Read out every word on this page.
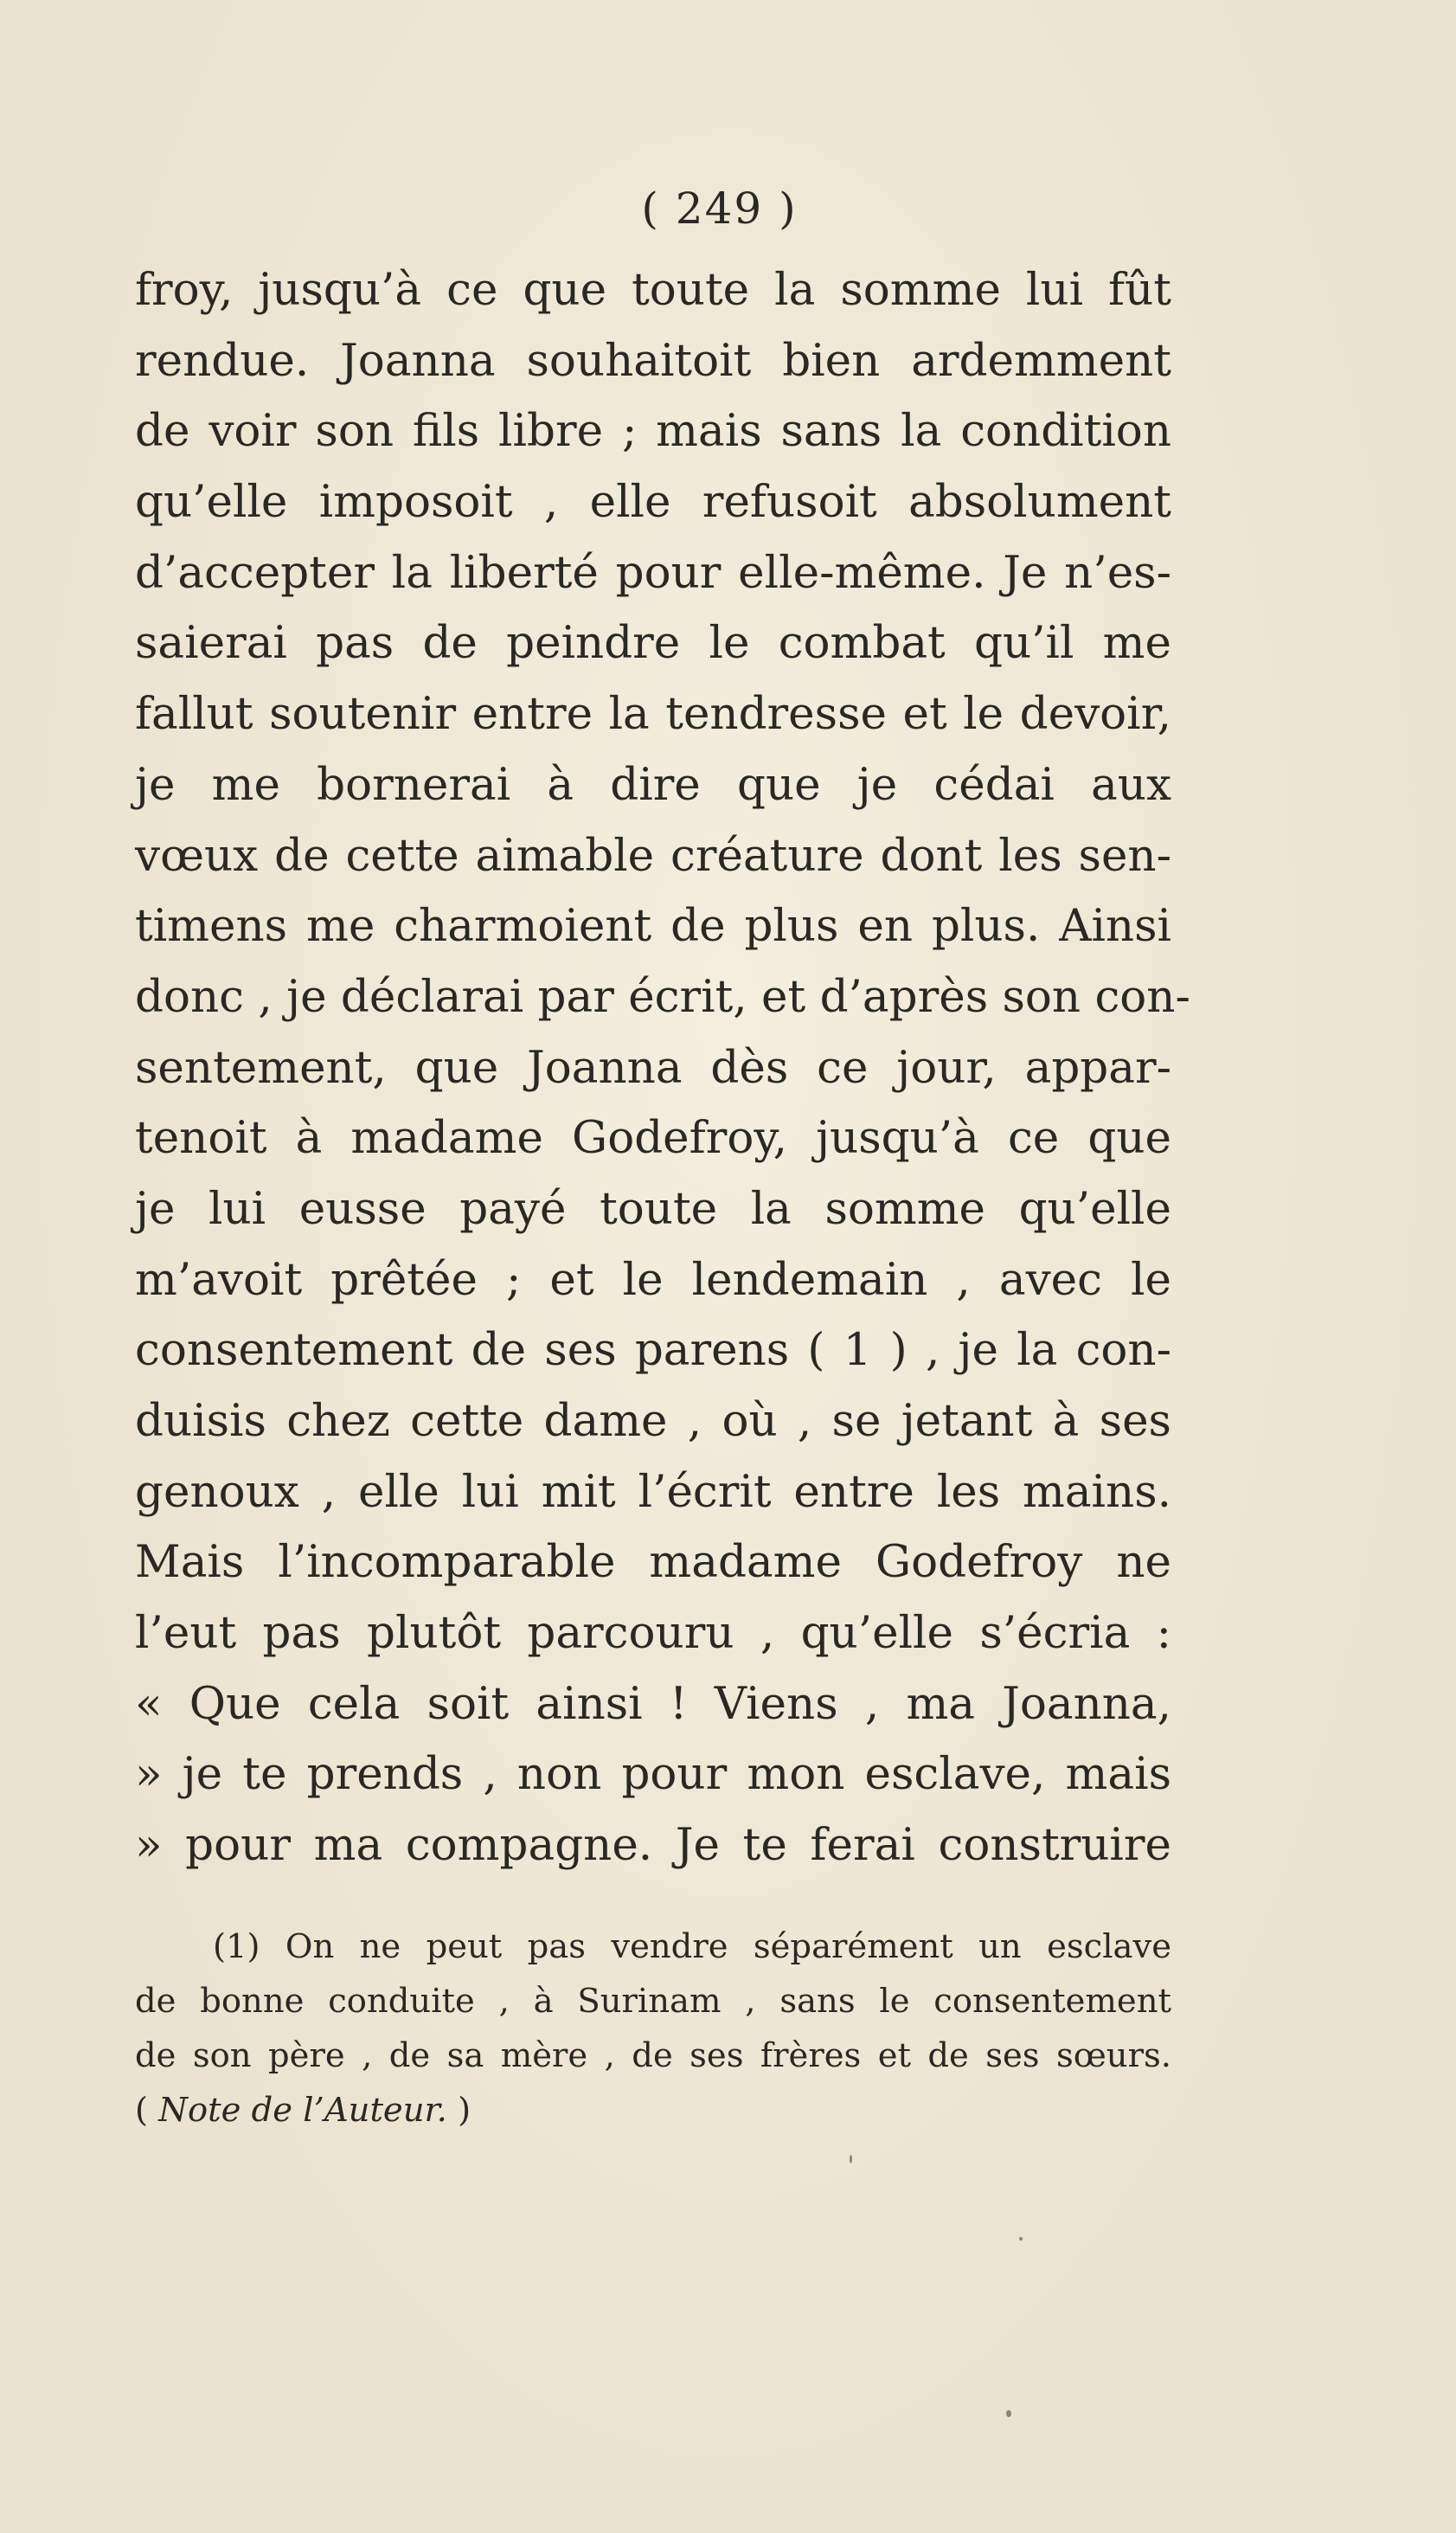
( 249 )
froy, jusqu’à ce que toute la somme lui fût
rendue. Joanna souhaitoit bien ardemment
de voir son fils libre ; mais sans la condition
qu’elle imposoit , elle refusoit absolument
d’accepter la liberté pour elle-même. Je n’es-
saierai pas de peindre le combat qu’il me
fallut soutenir entre la tendresse et le devoir,
je me bornerai à dire que je cédai aux
vœux de cette aimable créature dont les sen-
timens me charmoient de plus en plus. Ainsi
donc , je déclarai par écrit, et d’après son con-
sentement, que Joanna dès ce jour, appar-
tenoit à madame Godefroy, jusqu’à ce que
je lui eusse payé toute la somme qu’elle
m’avoit prêtée ; et le lendemain , avec le
consentement de ses parens ( 1 ) , je la con-
duisis chez cette dame , où , se jetant à ses
genoux , elle lui mit l’écrit entre les mains.
Mais l’incomparable madame Godefroy ne
l’eut pas plutôt parcouru , qu’elle s’écria :
« Que cela soit ainsi ! Viens , ma Joanna,
» je te prends , non pour mon esclave, mais
» pour ma compagne. Je te ferai construire
(1) On ne peut pas vendre séparément un esclave
de bonne conduite , à Surinam , sans le consentement
de son père , de sa mère , de ses frères et de ses sœurs.
( Note de l’Auteur. )
